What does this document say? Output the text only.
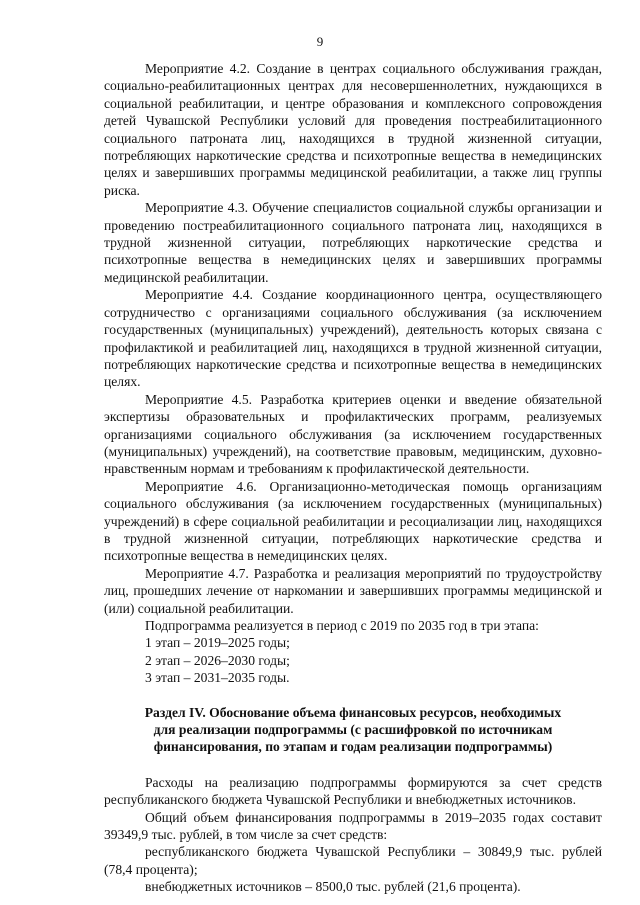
9

Мероприятие 4.2. Создание в центрах социального обслуживания граждан, социально-реабилитационных центрах для несовершеннолетних, нуждающихся в социальной реабилитации, и центре образования и комплексного сопровождения детей Чувашской Республики условий для проведения постреабилитационного социального патроната лиц, находящихся в трудной жизненной ситуации, потребляющих наркотические средства и психотропные вещества в немедицинских целях и завершивших программы медицинской реабилитации, а также лиц группы риска.

Мероприятие 4.3. Обучение специалистов социальной службы организации и проведению постреабилитационного социального патроната лиц, находящихся в трудной жизненной ситуации, потребляющих наркотические средства и психотропные вещества в немедицинских целях и завершивших программы медицинской реабилитации.

Мероприятие 4.4. Создание координационного центра, осуществляющего сотрудничество с организациями социального обслуживания (за исключением государственных (муниципальных) учреждений), деятельность которых связана с профилактикой и реабилитацией лиц, находящихся в трудной жизненной ситуации, потребляющих наркотические средства и психотропные вещества в немедицинских целях.

Мероприятие 4.5. Разработка критериев оценки и введение обязательной экспертизы образовательных и профилактических программ, реализуемых организациями социального обслуживания (за исключением государственных (муниципальных) учреждений), на соответствие правовым, медицинским, духовно-нравственным нормам и требованиям к профилактической деятельности.

Мероприятие 4.6. Организационно-методическая помощь организациям социального обслуживания (за исключением государственных (муниципальных) учреждений) в сфере социальной реабилитации и ресоциализации лиц, находящихся в трудной жизненной ситуации, потребляющих наркотические средства и психотропные вещества в немедицинских целях.

Мероприятие 4.7. Разработка и реализация мероприятий по трудоустройству лиц, прошедших лечение от наркомании и завершивших программы медицинской и (или) социальной реабилитации.

Подпрограмма реализуется в период с 2019 по 2035 год в три этапа:

1 этап – 2019–2025 годы;

2 этап – 2026–2030 годы;

3 этап – 2031–2035 годы.

Раздел IV. Обоснование объема финансовых ресурсов, необходимых
для реализации подпрограммы (с расшифровкой по источникам
финансирования, по этапам и годам реализации подпрограммы)

Расходы на реализацию подпрограммы формируются за счет средств республиканского бюджета Чувашской Республики и внебюджетных источников.

Общий объем финансирования подпрограммы в 2019–2035 годах составит 39349,9 тыс. рублей, в том числе за счет средств:

республиканского бюджета Чувашской Республики – 30849,9 тыс. рублей (78,4 процента);

внебюджетных источников – 8500,0 тыс. рублей (21,6 процента).
